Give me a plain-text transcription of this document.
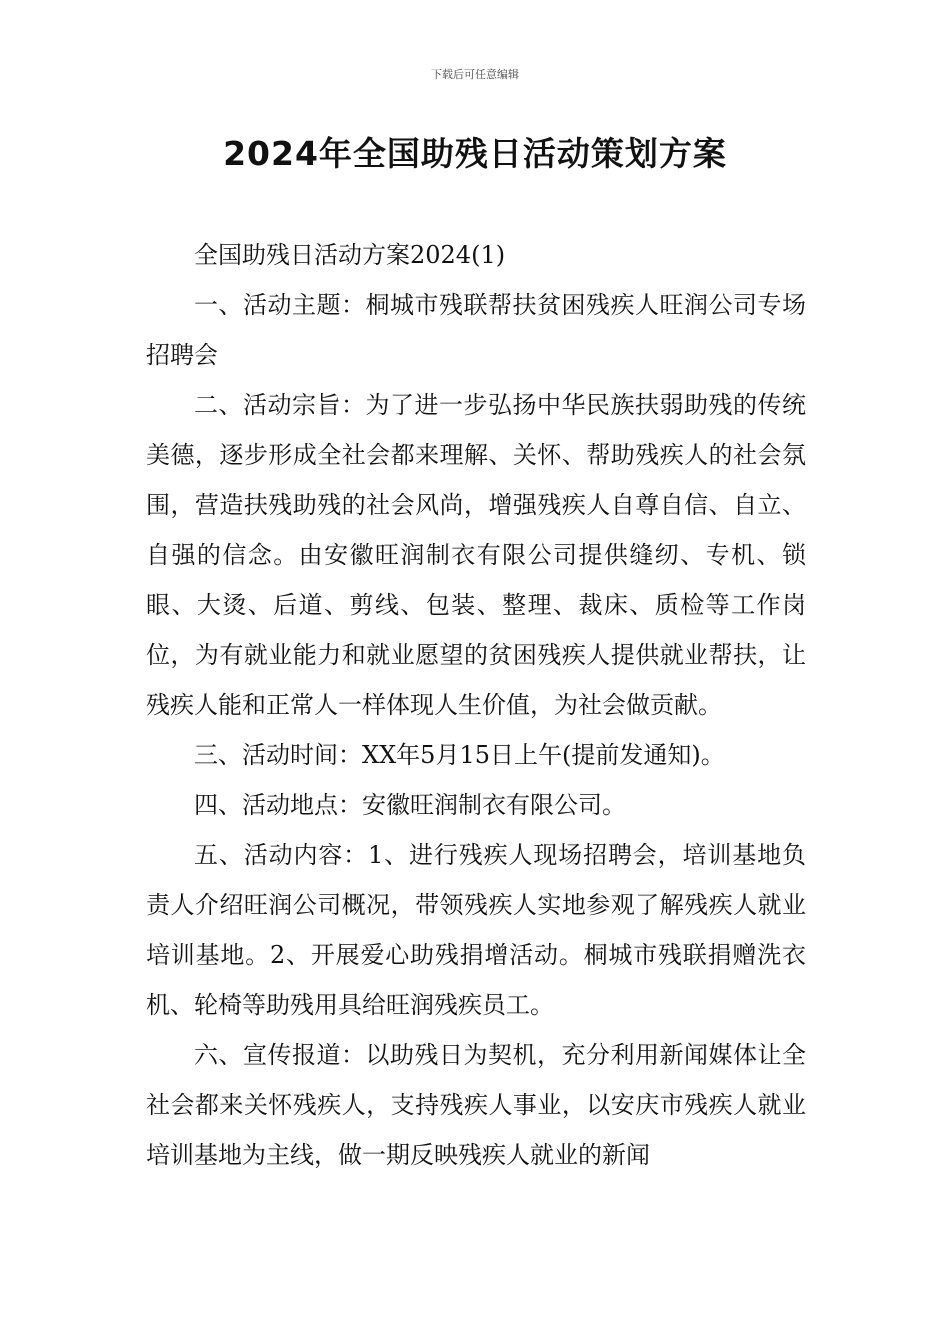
下载后可任意编辑
2024年全国助残日活动策划方案

全国助残日活动方案2024(1)

一、活动主题：桐城市残联帮扶贫困残疾人旺润公司专场招聘会

二、活动宗旨：为了进一步弘扬中华民族扶弱助残的传统美德，逐步形成全社会都来理解、关怀、帮助残疾人的社会氛围，营造扶残助残的社会风尚，增强残疾人自尊自信、自立、自强的信念。由安徽旺润制衣有限公司提供缝纫、专机、锁眼、大烫、后道、剪线、包装、整理、裁床、质检等工作岗位，为有就业能力和就业愿望的贫困残疾人提供就业帮扶，让残疾人能和正常人一样体现人生价值，为社会做贡献。

三、活动时间：XX年5月15日上午(提前发通知)。

四、活动地点：安徽旺润制衣有限公司。

五、活动内容：1、进行残疾人现场招聘会，培训基地负责人介绍旺润公司概况，带领残疾人实地参观了解残疾人就业培训基地。2、开展爱心助残捐增活动。桐城市残联捐赠洗衣机、轮椅等助残用具给旺润残疾员工。

六、宣传报道：以助残日为契机，充分利用新闻媒体让全社会都来关怀残疾人，支持残疾人事业，以安庆市残疾人就业培训基地为主线，做一期反映残疾人就业的新闻
